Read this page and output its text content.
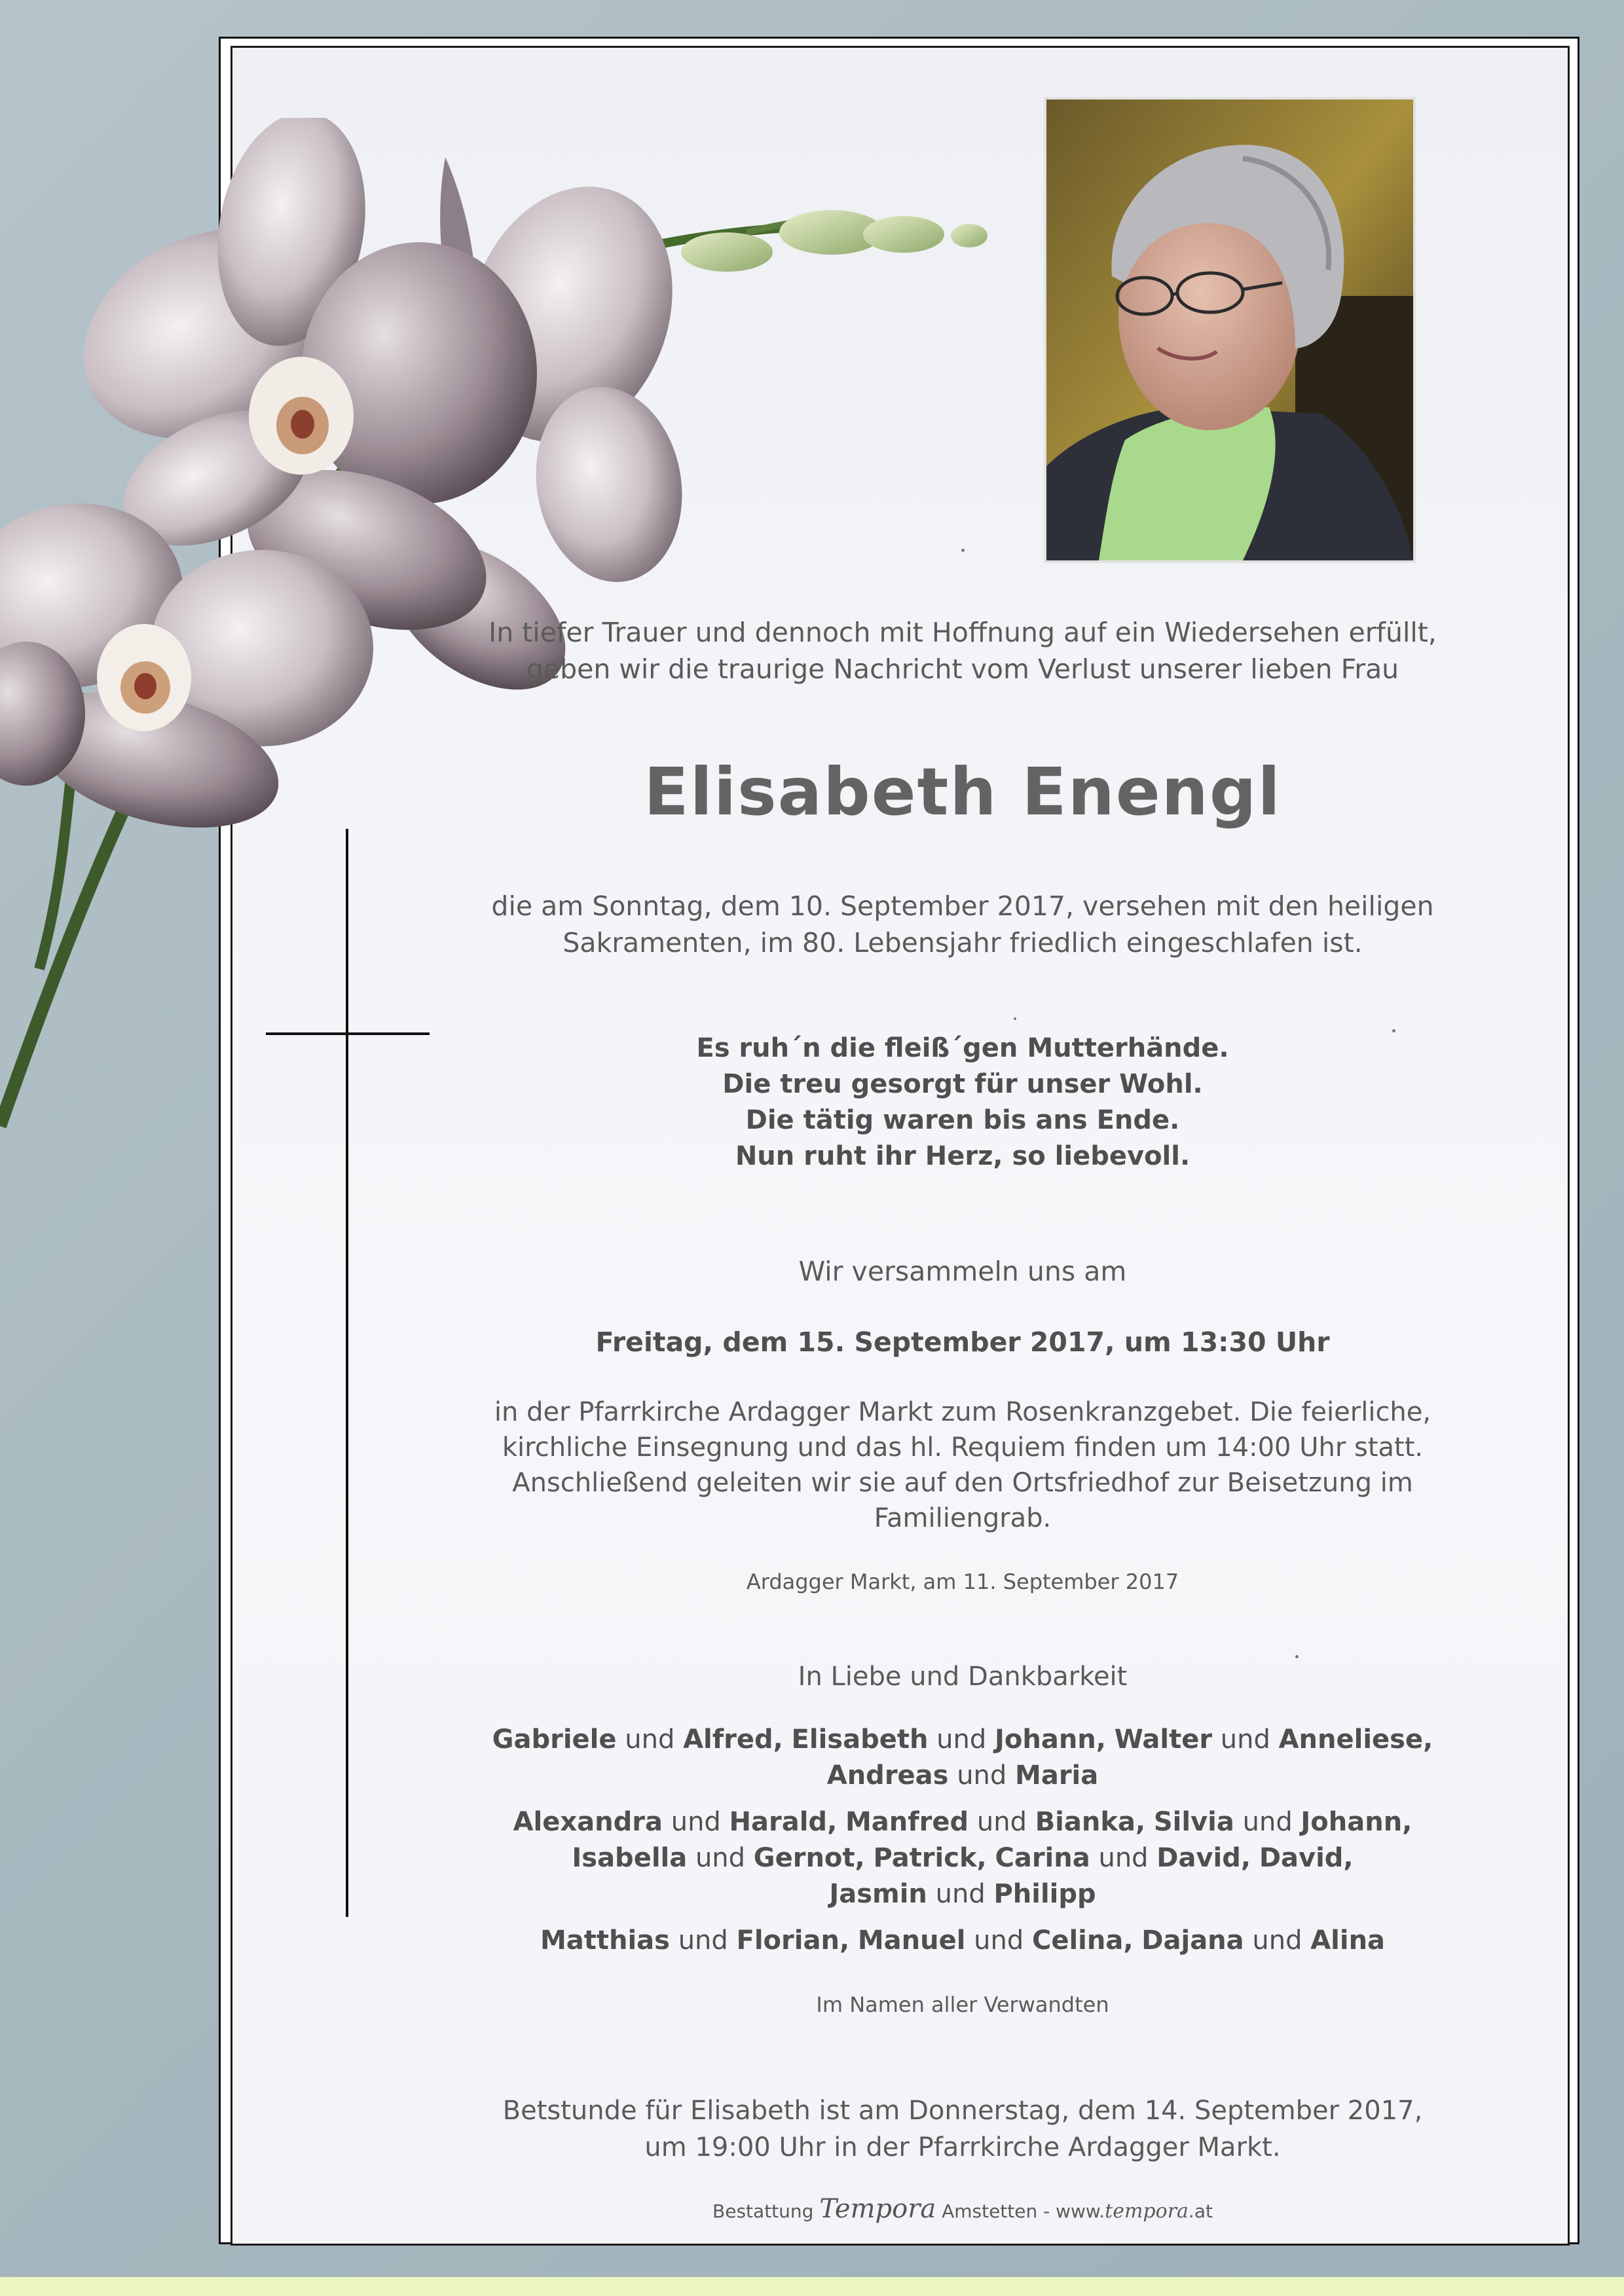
In tiefer Trauer und dennoch mit Hoffnung auf ein Wiedersehen erfüllt,
geben wir die traurige Nachricht vom Verlust unserer lieben Frau

Elisabeth Enengl

die am Sonntag, dem 10. September 2017, versehen mit den heiligen
Sakramenten, im 80. Lebensjahr friedlich eingeschlafen ist.

Es ruh´n die fleiß´gen Mutterhände.
Die treu gesorgt für unser Wohl.
Die tätig waren bis ans Ende.
Nun ruht ihr Herz, so liebevoll.

Wir versammeln uns am

Freitag, dem 15. September 2017, um 13:30 Uhr

in der Pfarrkirche Ardagger Markt zum Rosenkranzgebet. Die feierliche,
kirchliche Einsegnung und das hl. Requiem finden um 14:00 Uhr statt.
Anschließend geleiten wir sie auf den Ortsfriedhof zur Beisetzung im
Familiengrab.

Ardagger Markt, am 11. September 2017

In Liebe und Dankbarkeit

Gabriele und Alfred, Elisabeth und Johann, Walter und Anneliese,
Andreas und Maria
Alexandra und Harald, Manfred und Bianka, Silvia und Johann,
Isabella und Gernot, Patrick, Carina und David, David,
Jasmin und Philipp
Matthias und Florian, Manuel und Celina, Dajana und Alina

Im Namen aller Verwandten

Betstunde für Elisabeth ist am Donnerstag, dem 14. September 2017,
um 19:00 Uhr in der Pfarrkirche Ardagger Markt.

Bestattung Tempora Amstetten - www.tempora.at
